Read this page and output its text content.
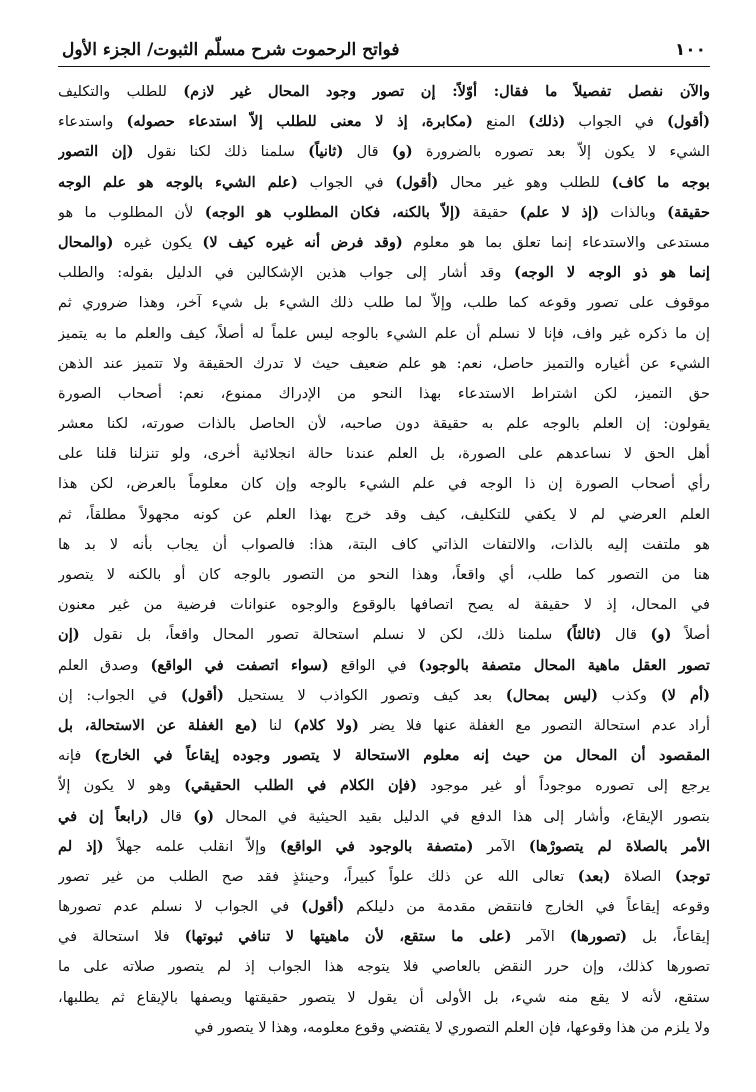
١٠٠
فواتح الرحموت شرح مسلّم الثبوت/ الجزء الأول
والآن نفصل تفصيلاً ما فقال: أوّلاً: إن تصور وجود المحال غير لازم) للطلب والتكليف
(أقول) في الجواب (ذلك) المنع (مكابرة، إذ لا معنى للطلب إلاّ استدعاء حصوله) واستدعاء
الشيء لا يكون إلاّ بعد تصوره بالضرورة (و) قال (ثانياً) سلمنا ذلك لكنا نقول (إن التصور
بوجه ما كاف) للطلب وهو غير محال (أقول) في الجواب (علم الشيء بالوجه هو علم الوجه
حقيقة) وبالذات (إذ لا علم) حقيقة (إلاّ بالكنه، فكان المطلوب هو الوجه) لأن المطلوب ما هو
مستدعى والاستدعاء إنما تعلق بما هو معلوم (وقد فرض أنه غيره كيف لا) يكون غيره (والمحال
إنما هو ذو الوجه لا الوجه) وقد أشار إلى جواب هذين الإشكالين في الدليل بقوله: والطلب
موقوف على تصور وقوعه كما طلب، وإلاّ لما طلب ذلك الشيء بل شيء آخر، وهذا ضروري ثم
إن ما ذكره غير واف، فإنا لا نسلم أن علم الشيء بالوجه ليس علماً له أصلاً، كيف والعلم ما به يتميز
الشيء عن أغياره والتميز حاصل، نعم: هو علم ضعيف حيث لا تدرك الحقيقة ولا تتميز عند الذهن
حق التميز، لكن اشتراط الاستدعاء بهذا النحو من الإدراك ممنوع، نعم: أصحاب الصورة
يقولون: إن العلم بالوجه علم به حقيقة دون صاحبه، لأن الحاصل بالذات صورته، لكنا معشر
أهل الحق لا نساعدهم على الصورة، بل العلم عندنا حالة انجلائية أخرى، ولو تنزلنا قلنا على
رأي أصحاب الصورة إن ذا الوجه في علم الشيء بالوجه وإن كان معلوماً بالعرض، لكن هذا
العلم العرضي لم لا يكفي للتكليف، كيف وقد خرج بهذا العلم عن كونه مجهولاً مطلقاً، ثم
هو ملتفت إليه بالذات، والالتفات الذاتي كاف البتة، هذا: فالصواب أن يجاب بأنه لا بد ها
هنا من التصور كما طلب، أي واقعاً، وهذا النحو من التصور بالوجه كان أو بالكنه لا يتصور
في المحال، إذ لا حقيقة له يصح اتصافها بالوقوع والوجوه عنوانات فرضية من غير معنون
أصلاً (و) قال (ثالثاً) سلمنا ذلك، لكن لا نسلم استحالة تصور المحال واقعاً، بل نقول (إن
تصور العقل ماهية المحال متصفة بالوجود) في الواقع (سواء اتصفت في الواقع) وصدق العلم
(أم لا) وكذب (ليس بمحال) بعد كيف وتصور الكواذب لا يستحيل (أقول) في الجواب: إن
أراد عدم استحالة التصور مع الغفلة عنها فلا يضر (ولا كلام) لنا (مع الغفلة عن الاستحالة، بل
المقصود أن المحال من حيث إنه معلوم الاستحالة لا يتصور وجوده إيقاعاً في الخارج) فإنه
يرجع إلى تصوره موجوداً أو غير موجود (فإن الكلام في الطلب الحقيقي) وهو لا يكون إلاّ
بتصور الإيقاع، وأشار إلى هذا الدفع في الدليل بقيد الحيثية في المحال (و) قال (رابعاً إن في
الأمر بالصلاة لم يتصورْها) الآمر (متصفة بالوجود في الواقع) وإلاّ انقلب علمه جهلاً (إذ لم
توجد) الصلاة (بعد) تعالى الله عن ذلك علواً كبيراً، وحينئذٍ فقد صح الطلب من غير تصور
وقوعه إيقاعاً في الخارج فانتقض مقدمة من دليلكم (أقول) في الجواب لا نسلم عدم تصورها
إيقاعاً، بل (تصورها) الآمر (على ما ستقع، لأن ماهيتها لا تنافي ثبوتها) فلا استحالة في
تصورها كذلك، وإن حرر النقض بالعاصي فلا يتوجه هذا الجواب إذ لم يتصور صلاته على ما
ستقع، لأنه لا يقع منه شيء، بل الأولى أن يقول لا يتصور حقيقتها ويصفها بالإيقاع ثم يطلبها،
ولا يلزم من هذا وقوعها، فإن العلم التصوري لا يقتضي وقوع معلومه، وهذا لا يتصور في
